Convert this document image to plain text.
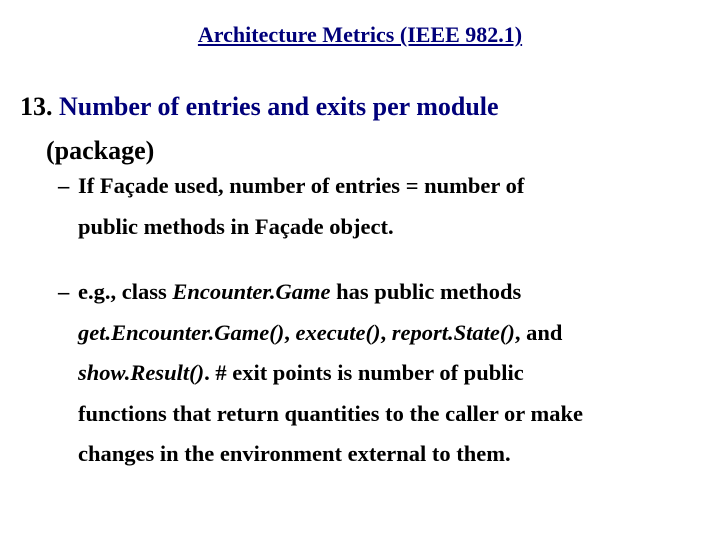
Architecture Metrics (IEEE 982.1)
13. Number of entries and exits per module
(package)
– If Façade used, number of entries = number of
public methods in Façade object.
– e.g., class Encounter.Game has public methods
get.Encounter.Game(), execute(), report.State(), and
show.Result(). # exit points is number of public
functions that return quantities to the caller or make
changes in the environment external to them.
